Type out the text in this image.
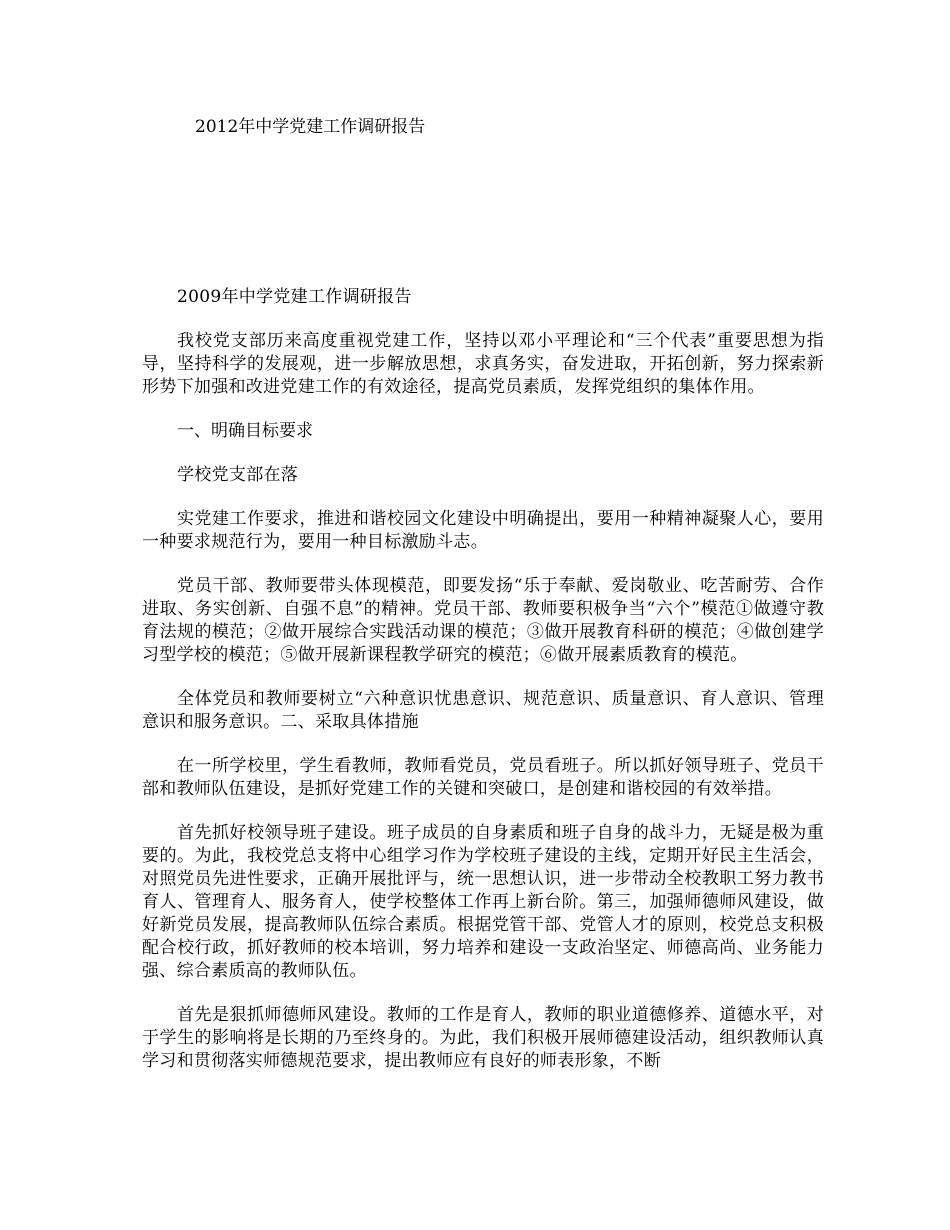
2012年中学党建工作调研报告

2009年中学党建工作调研报告

我校党支部历来高度重视党建工作，坚持以邓小平理论和“三个代表”重要思想为指导，坚持科学的发展观，进一步解放思想，求真务实，奋发进取，开拓创新，努力探索新形势下加强和改进党建工作的有效途径，提高党员素质，发挥党组织的集体作用。

一、明确目标要求

学校党支部在落

实党建工作要求，推进和谐校园文化建设中明确提出，要用一种精神凝聚人心，要用一种要求规范行为，要用一种目标激励斗志。

党员干部、教师要带头体现模范，即要发扬“乐于奉献、爱岗敬业、吃苦耐劳、合作进取、务实创新、自强不息”的精神。党员干部、教师要积极争当“六个”模范①做遵守教育法规的模范；②做开展综合实践活动课的模范；③做开展教育科研的模范；④做创建学习型学校的模范；⑤做开展新课程教学研究的模范；⑥做开展素质教育的模范。

全体党员和教师要树立“六种意识忧患意识、规范意识、质量意识、育人意识、管理意识和服务意识。二、采取具体措施

在一所学校里，学生看教师，教师看党员，党员看班子。所以抓好领导班子、党员干部和教师队伍建设，是抓好党建工作的关键和突破口，是创建和谐校园的有效举措。

首先抓好校领导班子建设。班子成员的自身素质和班子自身的战斗力，无疑是极为重要的。为此，我校党总支将中心组学习作为学校班子建设的主线，定期开好民主生活会，对照党员先进性要求，正确开展批评与，统一思想认识，进一步带动全校教职工努力教书育人、管理育人、服务育人，使学校整体工作再上新台阶。第三，加强师德师风建设，做好新党员发展，提高教师队伍综合素质。根据党管干部、党管人才的原则，校党总支积极配合校行政，抓好教师的校本培训，努力培养和建设一支政治坚定、师德高尚、业务能力强、综合素质高的教师队伍。

首先是狠抓师德师风建设。教师的工作是育人，教师的职业道德修养、道德水平，对于学生的影响将是长期的乃至终身的。为此，我们积极开展师德建设活动，组织教师认真学习和贯彻落实师德规范要求，提出教师应有良好的师表形象，不断
